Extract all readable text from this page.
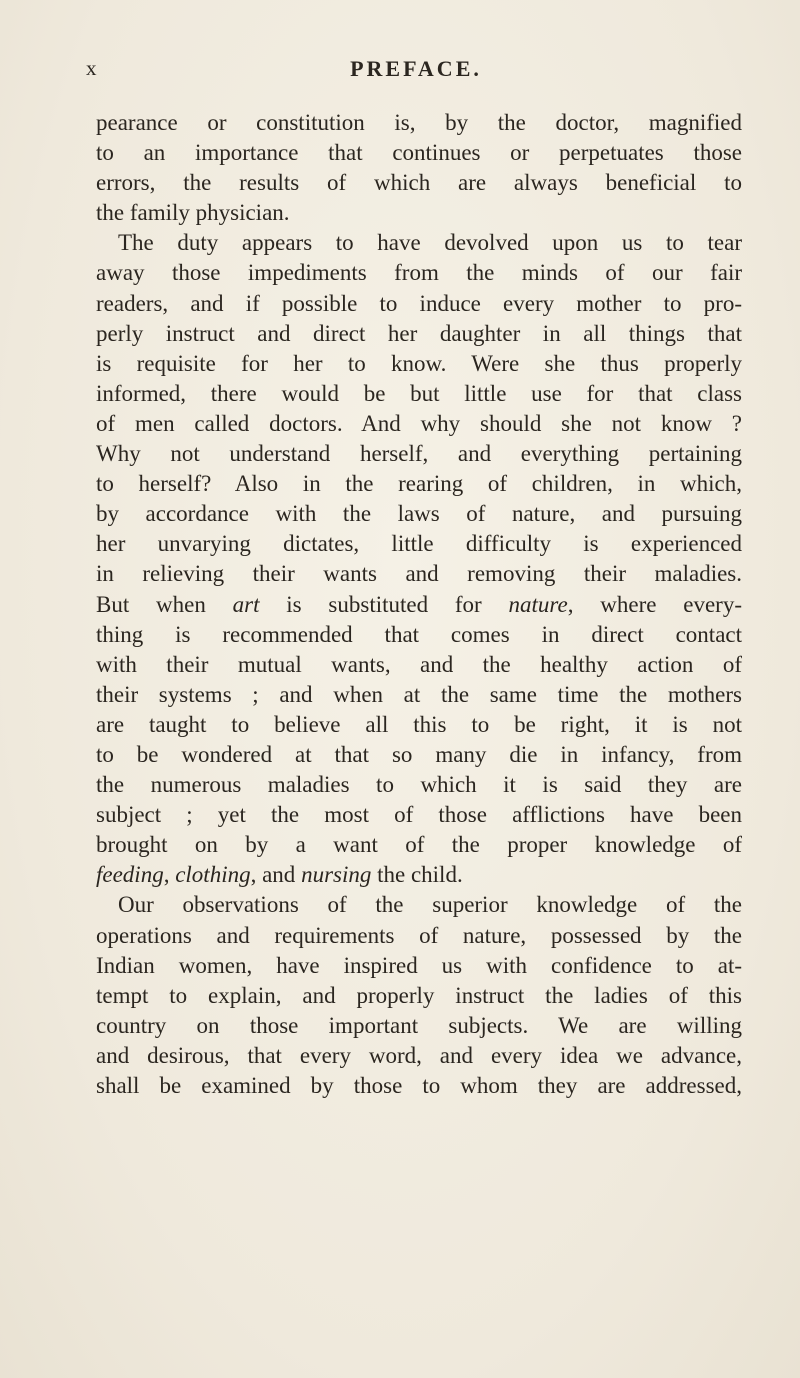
x	PREFACE.
pearance or constitution is, by the doctor, magnified
to an importance that continues or perpetuates those
errors, the results of which are always beneficial to
the family physician.
The duty appears to have devolved upon us to tear
away those impediments from the minds of our fair
readers, and if possible to induce every mother to pro-
perly instruct and direct her daughter in all things that
is requisite for her to know. Were she thus properly
informed, there would be but little use for that class
of men called doctors. And why should she not know ?
Why not understand herself, and everything pertaining
to herself? Also in the rearing of children, in which,
by accordance with the laws of nature, and pursuing
her unvarying dictates, little difficulty is experienced
in relieving their wants and removing their maladies.
But when art is substituted for nature, where every-
thing is recommended that comes in direct contact
with their mutual wants, and the healthy action of
their systems ; and when at the same time the mothers
are taught to believe all this to be right, it is not
to be wondered at that so many die in infancy, from
the numerous maladies to which it is said they are
subject ; yet the most of those afflictions have been
brought on by a want of the proper knowledge of
feeding, clothing, and nursing the child.
Our observations of the superior knowledge of the
operations and requirements of nature, possessed by the
Indian women, have inspired us with confidence to at-
tempt to explain, and properly instruct the ladies of this
country on those important subjects. We are willing
and desirous, that every word, and every idea we advance,
shall be examined by those to whom they are addressed,
